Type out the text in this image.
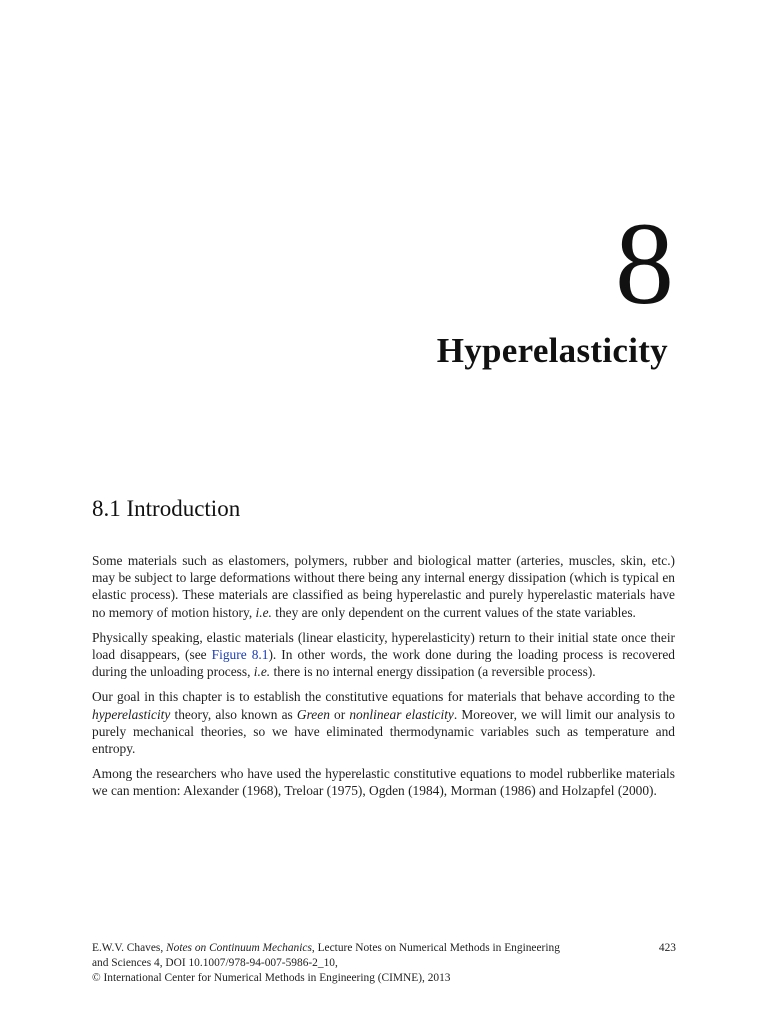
8
Hyperelasticity
8.1 Introduction

Some materials such as elastomers, polymers, rubber and biological matter (arteries, muscles, skin, etc.) may be subject to large deformations without there being any internal energy dissipation (which is typical en elastic process). These materials are classified as being hyperelastic and purely hyperelastic materials have no memory of motion history, i.e. they are only dependent on the current values of the state variables.

Physically speaking, elastic materials (linear elasticity, hyperelasticity) return to their initial state once their load disappears, (see Figure 8.1). In other words, the work done during the loading process is recovered during the unloading process, i.e. there is no internal energy dissipation (a reversible process).

Our goal in this chapter is to establish the constitutive equations for materials that behave according to the hyperelasticity theory, also known as Green or nonlinear elasticity. Moreover, we will limit our analysis to purely mechanical theories, so we have eliminated thermodynamic variables such as temperature and entropy.

Among the researchers who have used the hyperelastic constitutive equations to model rubberlike materials we can mention: Alexander (1968), Treloar (1975), Ogden (1984), Morman (1986) and Holzapfel (2000).

E.W.V. Chaves, Notes on Continuum Mechanics, Lecture Notes on Numerical Methods in Engineering and Sciences 4, DOI 10.1007/978-94-007-5986-2_10,
© International Center for Numerical Methods in Engineering (CIMNE), 2013
423
